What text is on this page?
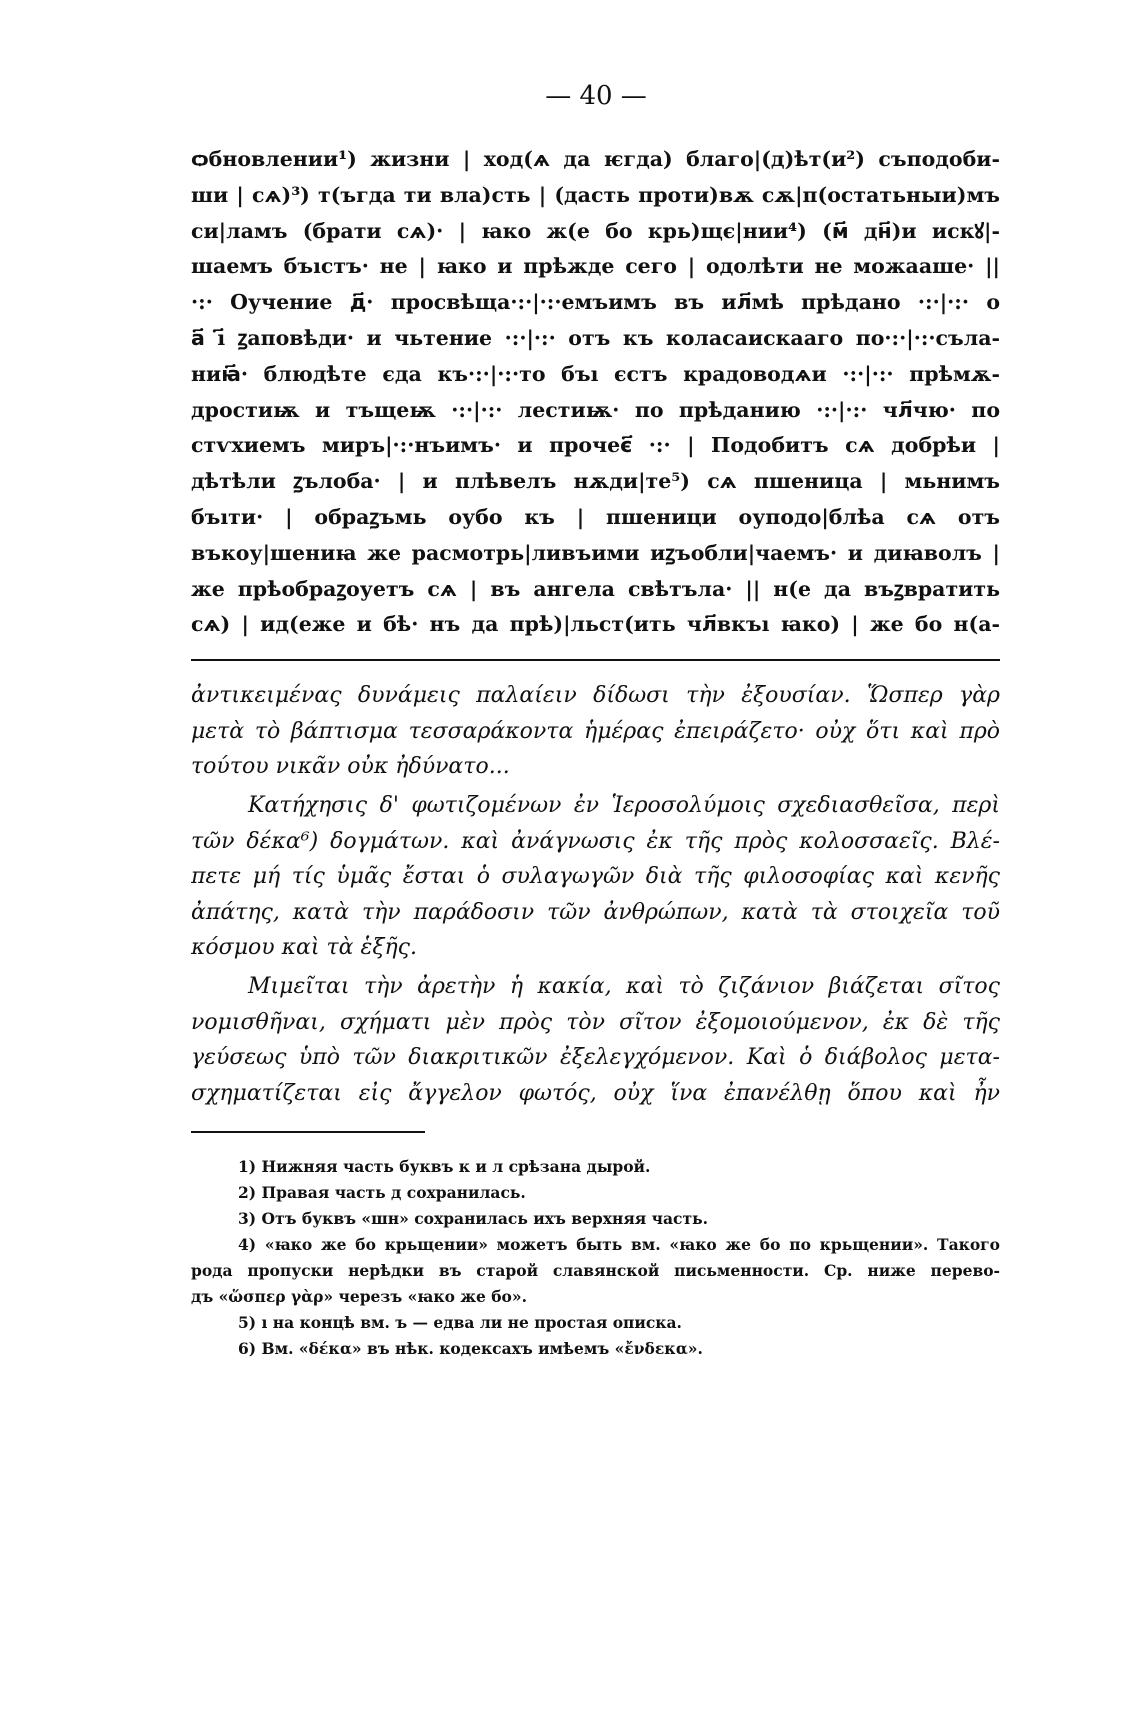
— 40 —
ѻбновлении¹) жизни | ход(ѧ да ѥгда) благо|(д)ѣт(и²) съподоби-
ши | сѧ)³) т(ъгда ти вла)сть | (дасть проти)вѫ сѫ|п(остатьныи)мъ
си|ламъ (брати сѧ)· | ꙗко ж(е бо крь)щє|нии⁴) (м҃ дн҃)и искꙋ|-
шаемъ бъıстъ· не | ꙗко и прѣжде сего | одолѣти не можааше· ||
·:· Оучение д҃· просвѣща·:·|·:·емъимъ въ ил҃мѣ прѣдано ·:·|·:· о
а҃ ı҃ ꙁаповѣди· и чьтение ·:·|·:· отъ къ коласаискааго по·:·|·:·съла-
ниꙗ҃· блюдѣте єда къ·:·|·:·то бъı єстъ крадоводѧи ·:·|·:· прѣмѫ-
дростиѭ и тъщеѭ ·:·|·:· лестиѭ· по прѣданию ·:·|·:· чл҃чю· по
стѵхиемъ миръ|·:·нъимъ· и прочеє҃ ·:· | Подобитъ сѧ добрѣи |
дѣтѣли ꙁълоба· | и плѣвелъ нѫди|те⁵) сѧ пшеница | мьнимъ
бъıти· | обраꙁъмь оубо къ | пшеници оуподо|блѣа сѧ отъ
въкоу|шениꙗ же расмотрь|ливъими иꙁъобли|чаемъ· и диꙗволъ |
же прѣобраꙁоуетъ сѧ | въ ангела свѣтъла· || н(е да въꙁвратить
сѧ) | ид(еже и бѣ· нъ да прѣ)|льст(ить чл҃вкъı ꙗко) | же бо н(а-
ἀντικειμένας δυνάμεις παλαίειν δίδωσι τὴν ἐξουσίαν. Ὥσπερ γὰρ
μετὰ τὸ βάπτισμα τεσσαράκοντα ἡμέρας ἐπειράζετο· οὐχ ὅτι καὶ πρὸ
τούτου νικᾶν οὐκ ἠδύνατο...
Κατήχησις δ' φωτιζομένων ἐν Ἱεροσολύμοις σχεδιασθεῖσα, περὶ
τῶν δέκα⁶) δογμάτων. καὶ ἀνάγνωσις ἐκ τῆς πρὸς κολοσσαεῖς. Βλέ-
πετε μή τίς ὑμᾶς ἔσται ὁ συλαγωγῶν διὰ τῆς φιλοσοφίας καὶ κενῆς
ἀπάτης, κατὰ τὴν παράδοσιν τῶν ἀνθρώπων, κατὰ τὰ στοιχεῖα τοῦ
κόσμου καὶ τὰ ἑξῆς.
Μιμεῖται τὴν ἀρετὴν ἡ κακία, καὶ τὸ ζιζάνιον βιάζεται σῖτος
νομισθῆναι, σχήματι μὲν πρὸς τὸν σῖτον ἐξομοιούμενον, ἐκ δὲ τῆς
γεύσεως ὑπὸ τῶν διακριτικῶν ἐξελεγχόμενον. Καὶ ὁ διάβολος μετα-
σχηματίζεται εἰς ἄγγελον φωτός, οὐχ ἵνα ἐπανέλθῃ ὅπου καὶ ἦν
1) Нижняя часть буквъ к и л срѣзана дырой.
2) Правая часть д сохранилась.
3) Отъ буквъ «шн» сохранилась ихъ верхняя часть.
4) «ꙗко же бо крьщении» можетъ быть вм. «ꙗко же бо по крьщении». Такого
рода пропуски нерѣдки въ старой славянской письменности. Ср. ниже перево-
дъ «ὥσπερ γὰρ» черезъ «ꙗко же бо».
5) ı на концѣ вм. ъ — едва ли не простая описка.
6) Вм. «δέκα» въ нѣк. кодексахъ имѣемъ «ἔνδεκα».
